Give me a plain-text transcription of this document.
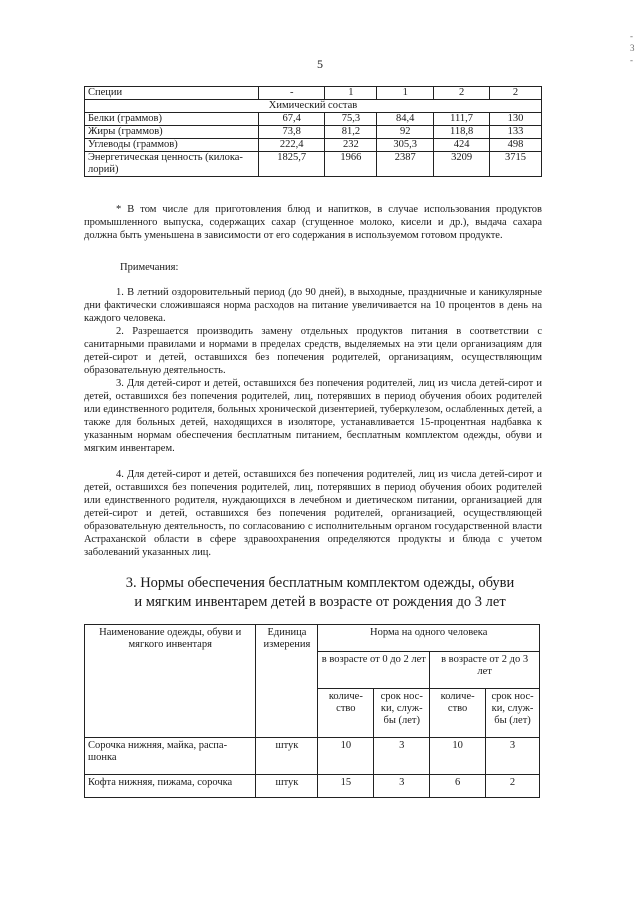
5
Специи	-	1	1	2	2
Химический состав					
Белки (граммов)	67,4	75,3	84,4	111,7	130
Жиры (граммов)	73,8	81,2	92	118,8	133
Углеводы (граммов)	222,4	232	305,3	424	498
Энергетическая ценность (килока-лорий)	1825,7	1966	2387	3209	3715

* В том числе для приготовления блюд и напитков, в случае использования продуктов промышленного выпуска, содержащих сахар (сгущенное молоко, кисели и др.), выдача сахара должна быть уменьшена в зависимости от его содержания в используемом готовом продукте.

Примечания:

1. В летний оздоровительный период (до 90 дней), в выходные, праздничные и каникулярные дни фактически сложившаяся норма расходов на питание увеличивается на 10 процентов в день на каждого человека.

2. Разрешается производить замену отдельных продуктов питания в соответствии с санитарными правилами и нормами в пределах средств, выделяемых на эти цели организациям для детей-сирот и детей, оставшихся без попечения родителей, организациям, осуществляющим образовательную деятельность.

3. Для детей-сирот и детей, оставшихся без попечения родителей, лиц из числа детей-сирот и детей, оставшихся без попечения родителей, лиц, потерявших в период обучения обоих родителей или единственного родителя, больных хронической дизентерией, туберкулезом, ослабленных детей, а также для больных детей, находящихся в изоляторе, устанавливается 15-процентная надбавка к указанным нормам обеспечения бесплатным питанием, бесплатным комплектом одежды, обуви и мягким инвентарем.

4. Для детей-сирот и детей, оставшихся без попечения родителей, лиц из числа детей-сирот и детей, оставшихся без попечения родителей, лиц, потерявших в период обучения обоих родителей или единственного родителя, нуждающихся в лечебном и диетическом питании, организацией для детей-сирот и детей, оставшихся без попечения родителей, организацией, осуществляющей образовательную деятельность, по согласованию с исполнительным органом государственной власти Астраханской области в сфере здравоохранения определяются продукты и блюда с учетом заболеваний указанных лиц.

3. Нормы обеспечения бесплатным комплектом одежды, обуви
и мягким инвентарем детей в возрасте от рождения до 3 лет
Наименование одежды, обуви и мягкого инвентаря	Единица измерения	Норма на одного человека			
		в возрасте от 0 до 2 лет		в возрасте от 2 до 3 лет	
		количе-ство	срок нос-ки, служ-бы (лет)	количе-ство	срок нос-ки, служ-бы (лет)
Сорочка нижняя, майка, распа-шонка	штук	10	3	10	3
Кофта нижняя, пижама, сорочка	штук	15	3	6	2
- 3 -
